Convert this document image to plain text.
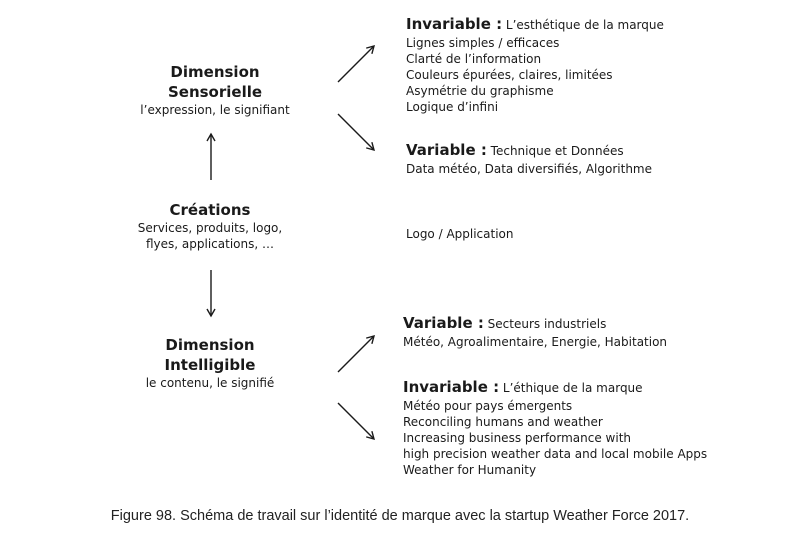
Dimension
Sensorielle
l’expression, le signifiant
Créations
Services, produits, logo,
flyes, applications, …
Dimension
Intelligible
le contenu, le signifié
Invariable : L’esthétique de la marque
Lignes simples / efficaces
Clarté de l’information
Couleurs épurées, claires, limitées
Asymétrie du graphisme
Logique d’infini
Variable : Technique et Données
Data météo, Data diversifiés, Algorithme
Logo / Application
Variable : Secteurs industriels
Météo, Agroalimentaire, Energie, Habitation
Invariable : L’éthique de la marque
Météo pour pays émergents
Reconciling humans and weather
Increasing business performance with
high precision weather data and local mobile Apps
Weather for Humanity
Figure 98. Schéma de travail sur l’identité de marque avec la startup Weather Force 2017.
